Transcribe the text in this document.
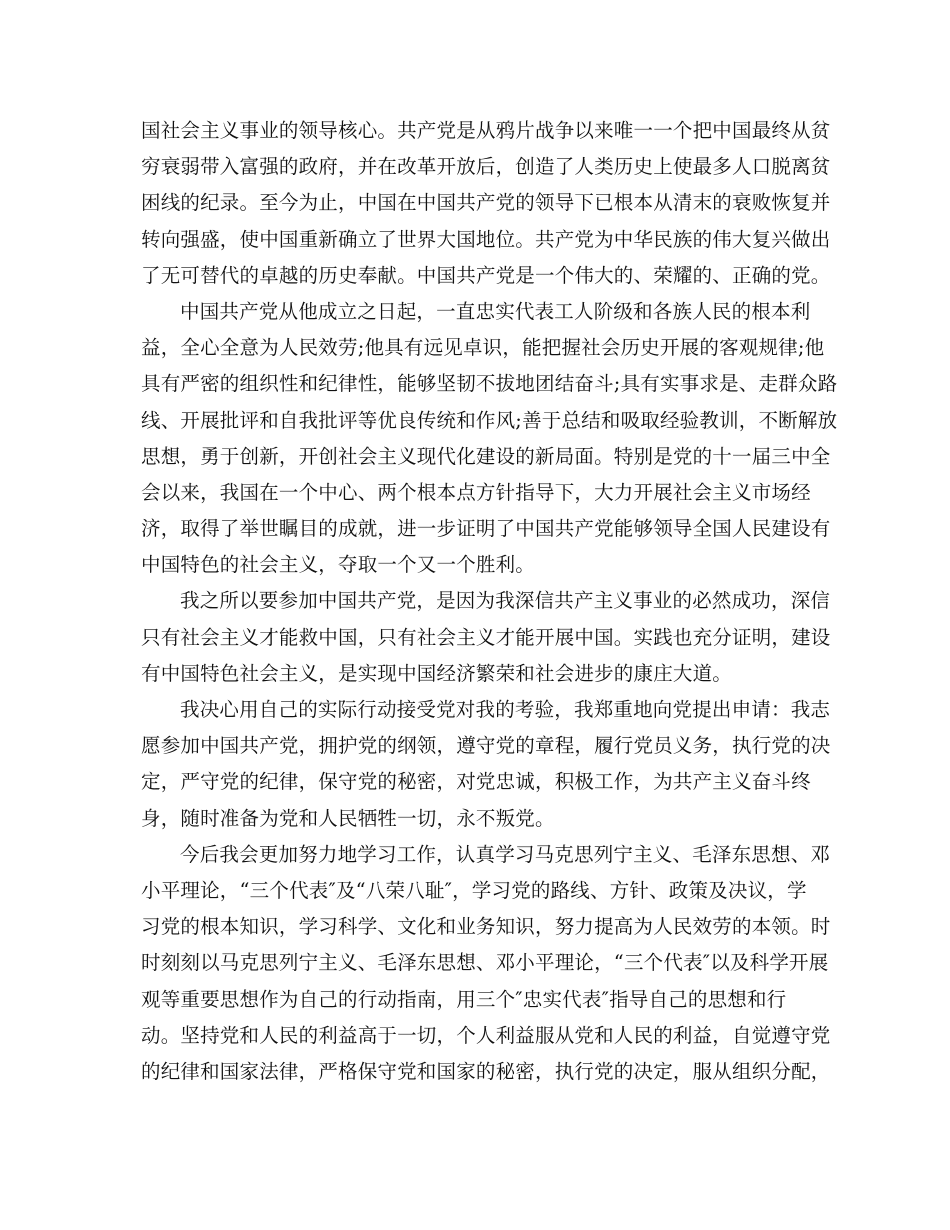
国社会主义事业的领导核心。共产党是从鸦片战争以来唯一一个把中国最终从贫
穷衰弱带入富强的政府，并在改革开放后，创造了人类历史上使最多人口脱离贫
困线的纪录。至今为止，中国在中国共产党的领导下已根本从清末的衰败恢复并
转向强盛，使中国重新确立了世界大国地位。共产党为中华民族的伟大复兴做出
了无可替代的卓越的历史奉献。中国共产党是一个伟大的、荣耀的、正确的党。
中国共产党从他成立之日起，一直忠实代表工人阶级和各族人民的根本利
益，全心全意为人民效劳;他具有远见卓识，能把握社会历史开展的客观规律;他
具有严密的组织性和纪律性，能够坚韧不拔地团结奋斗;具有实事求是、走群众路
线、开展批评和自我批评等优良传统和作风;善于总结和吸取经验教训，不断解放
思想，勇于创新，开创社会主义现代化建设的新局面。特别是党的十一届三中全
会以来，我国在一个中心、两个根本点方针指导下，大力开展社会主义市场经
济，取得了举世瞩目的成就，进一步证明了中国共产党能够领导全国人民建设有
中国特色的社会主义，夺取一个又一个胜利。
我之所以要参加中国共产党，是因为我深信共产主义事业的必然成功，深信
只有社会主义才能救中国，只有社会主义才能开展中国。实践也充分证明，建设
有中国特色社会主义，是实现中国经济繁荣和社会进步的康庄大道。
我决心用自己的实际行动接受党对我的考验，我郑重地向党提出申请：我志
愿参加中国共产党，拥护党的纲领，遵守党的章程，履行党员义务，执行党的决
定，严守党的纪律，保守党的秘密，对党忠诚，积极工作，为共产主义奋斗终
身，随时准备为党和人民牺牲一切，永不叛党。
今后我会更加努力地学习工作，认真学习马克思列宁主义、毛泽东思想、邓
小平理论，“三个代表″及“八荣八耻″，学习党的路线、方针、政策及决议，学
习党的根本知识，学习科学、文化和业务知识，努力提高为人民效劳的本领。时
时刻刻以马克思列宁主义、毛泽东思想、邓小平理论，“三个代表″以及科学开展
观等重要思想作为自己的行动指南，用三个″忠实代表″指导自己的思想和行
动。坚持党和人民的利益高于一切，个人利益服从党和人民的利益，自觉遵守党
的纪律和国家法律，严格保守党和国家的秘密，执行党的决定，服从组织分配，
